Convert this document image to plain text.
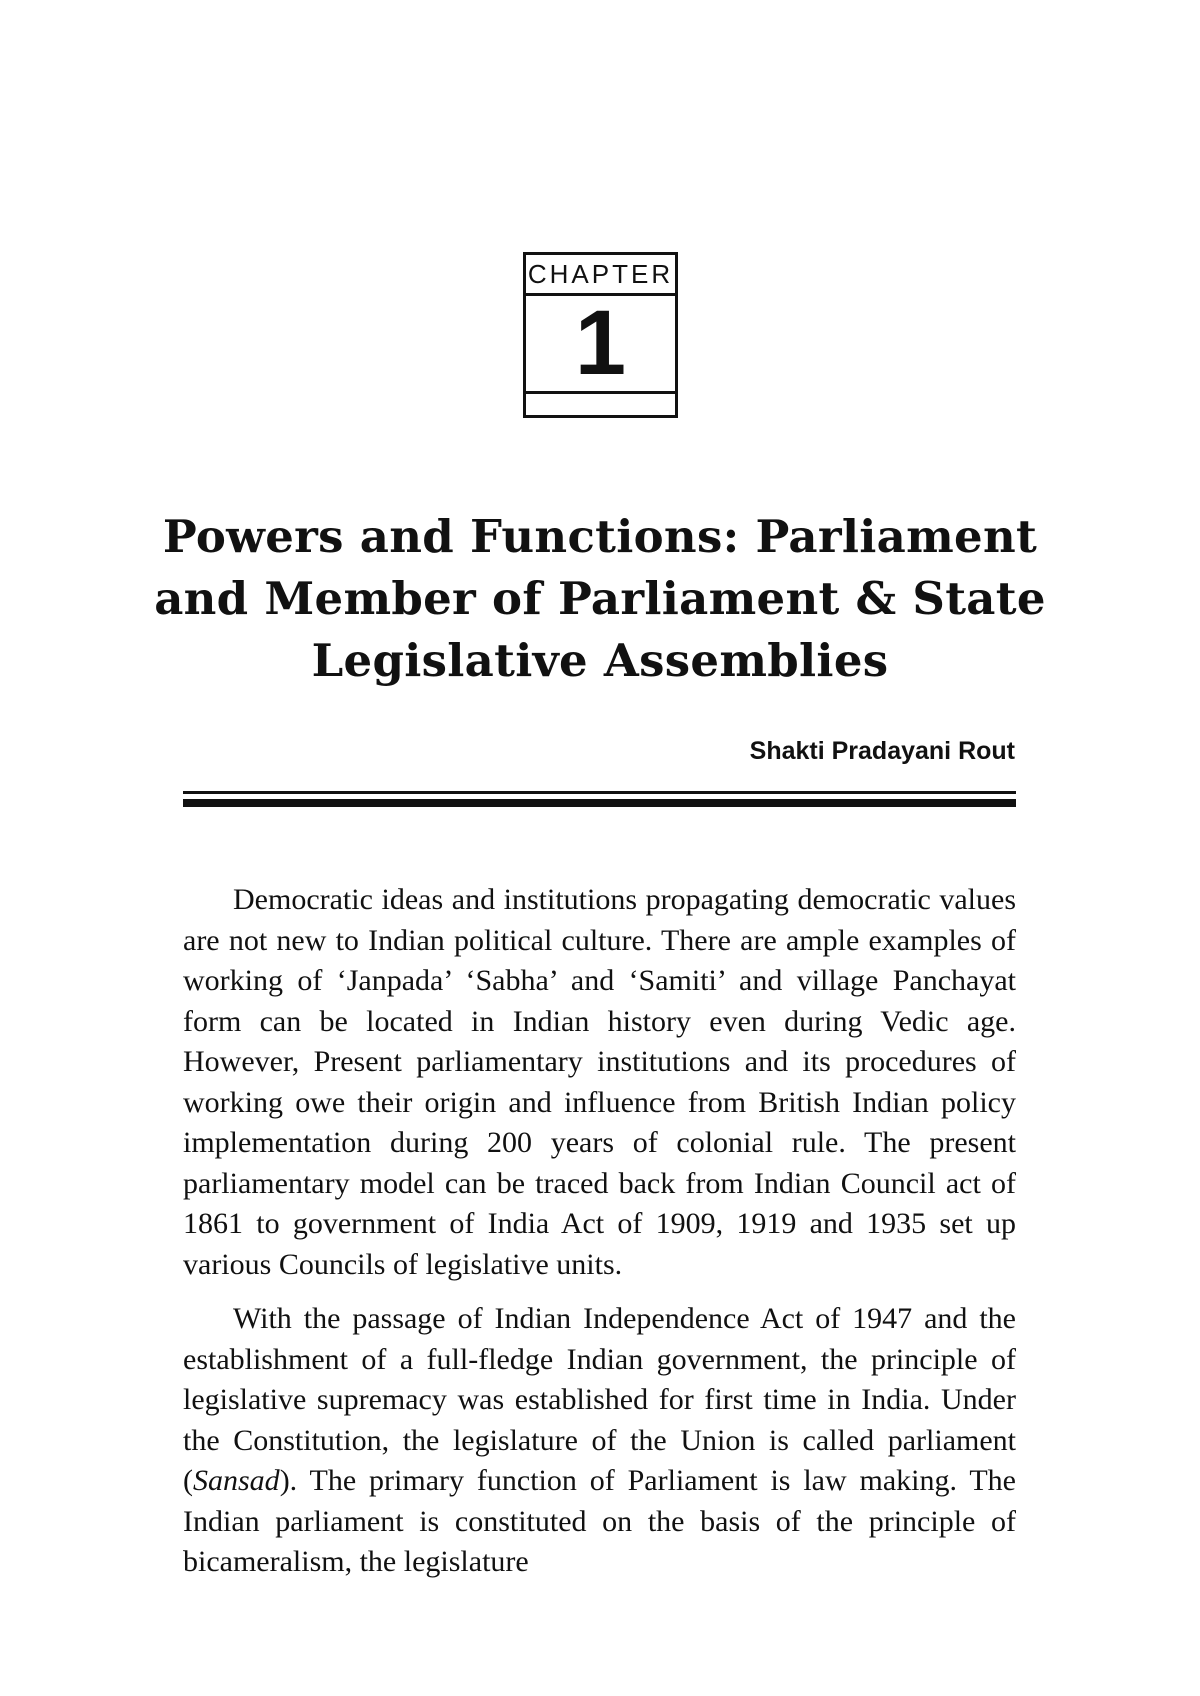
CHAPTER
1
Powers and Functions: Parliament and Member of Parliament & State Legislative Assemblies
Shakti Pradayani Rout

Democratic ideas and institutions propagating democratic values are not new to Indian political culture. There are ample examples of working of ‘Janpada’ ‘Sabha’ and ‘Samiti’ and village Panchayat form can be located in Indian history even during Vedic age. However, Present parliamentary institutions and its procedures of working owe their origin and influence from British Indian policy implementation during 200 years of colonial rule. The present parliamentary model can be traced back from Indian Council act of 1861 to government of India Act of 1909, 1919 and 1935 set up various Councils of legislative units.

With the passage of Indian Independence Act of 1947 and the establishment of a full-fledge Indian government, the principle of legislative supremacy was established for first time in India. Under the Constitution, the legislature of the Union is called parliament (Sansad). The primary function of Parliament is law making. The Indian parliament is constituted on the basis of the principle of bicameralism, the legislature
